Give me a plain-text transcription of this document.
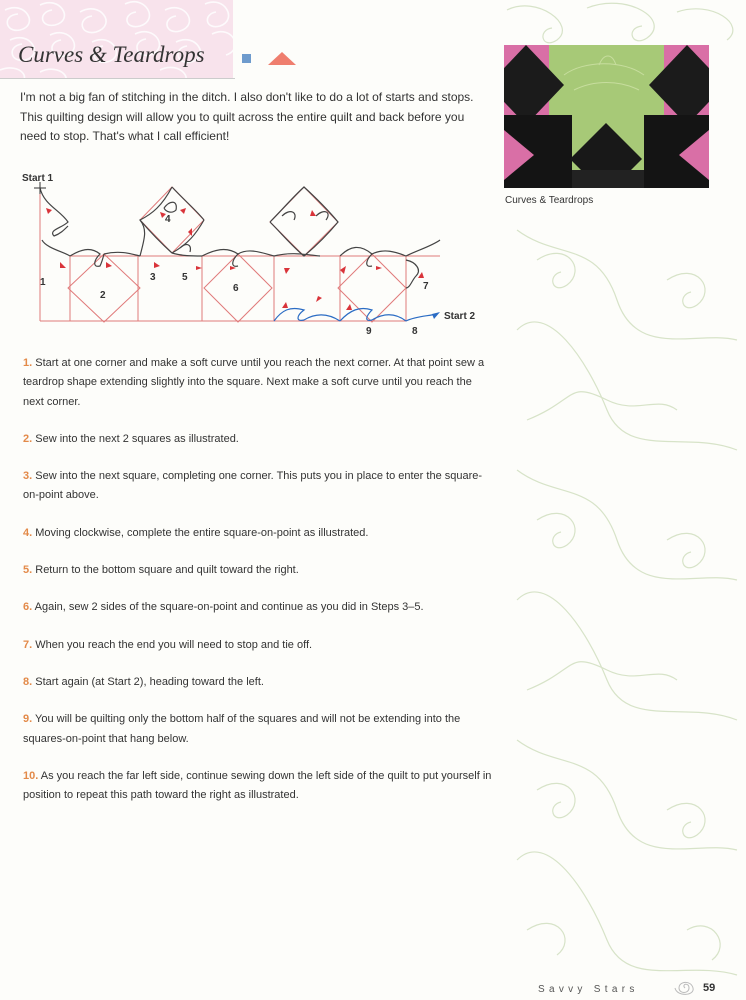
Curves & Teardrops
I'm not a big fan of stitching in the ditch. I also don't like to do a lot of starts and stops. This quilting design will allow you to quilt across the entire quilt and back before you need to stop. That's what I call efficient!
Curves & Teardrops
Start 1
Start 2
1
2
3
4
5
6	7
8
9
1. Start at one corner and make a soft curve until you reach the next corner. At that point sew a teardrop shape extending slightly into the square. Next make a soft curve until you reach the next corner.
2. Sew into the next 2 squares as illustrated.
3. Sew into the next square, completing one corner. This puts you in place to enter the square-on-point above.
4. Moving clockwise, complete the entire square-on-point as illustrated.
5. Return to the bottom square and quilt toward the right.
6. Again, sew 2 sides of the square-on-point and continue as you did in Steps 3–5.
7. When you reach the end you will need to stop and tie off.
8. Start again (at Start 2), heading toward the left.
9. You will be quilting only the bottom half of the squares and will not be extending into the squares-on-point that hang below.
10. As you reach the far left side, continue sewing down the left side of the quilt to put yourself in position to repeat this path toward the right as illustrated.
Savvy Stars	59
